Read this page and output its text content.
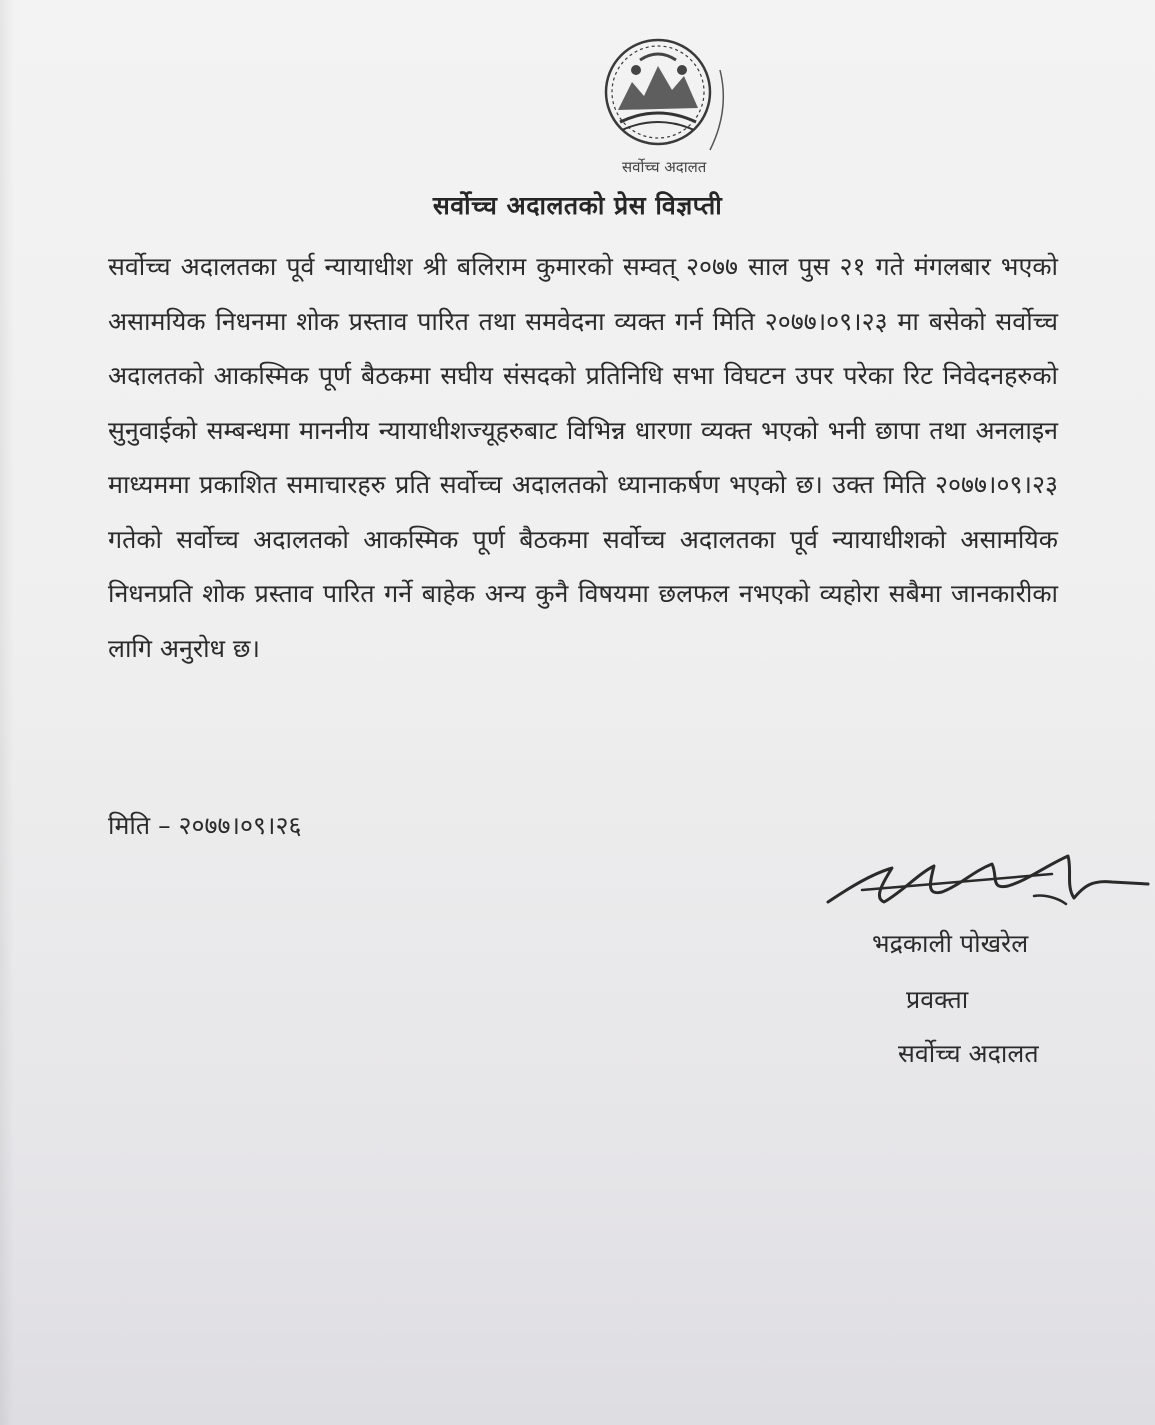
सर्वोच्च अदालत
सर्वोच्च अदालतको प्रेस विज्ञप्ती
सर्वोच्च अदालतका पूर्व न्यायाधीश श्री बलिराम कुमारको सम्वत् २०७७ साल पुस २१ गते मंगलबार भएको असामयिक निधनमा शोक प्रस्ताव पारित तथा समवेदना व्यक्त गर्न मिति २०७७।०९।२३ मा बसेको सर्वोच्च अदालतको आकस्मिक पूर्ण बैठकमा सघीय संसदको प्रतिनिधि सभा विघटन उपर परेका रिट निवेदनहरुको सुनुवाईको सम्बन्धमा माननीय न्यायाधीशज्यूहरुबाट विभिन्न धारणा व्यक्त भएको भनी छापा तथा अनलाइन माध्यममा प्रकाशित समाचारहरु प्रति सर्वोच्च अदालतको ध्यानाकर्षण भएको छ। उक्त मिति २०७७।०९।२३ गतेको सर्वोच्च अदालतको आकस्मिक पूर्ण बैठकमा सर्वोच्च अदालतका पूर्व न्यायाधीशको असामयिक निधनप्रति शोक प्रस्ताव पारित गर्ने बाहेक अन्य कुनै विषयमा छलफल नभएको व्यहोरा सबैमा जानकारीका लागि अनुरोध छ।
मिति – २०७७।०९।२६
भद्रकाली पोखरेल
प्रवक्ता
सर्वोच्च अदालत
